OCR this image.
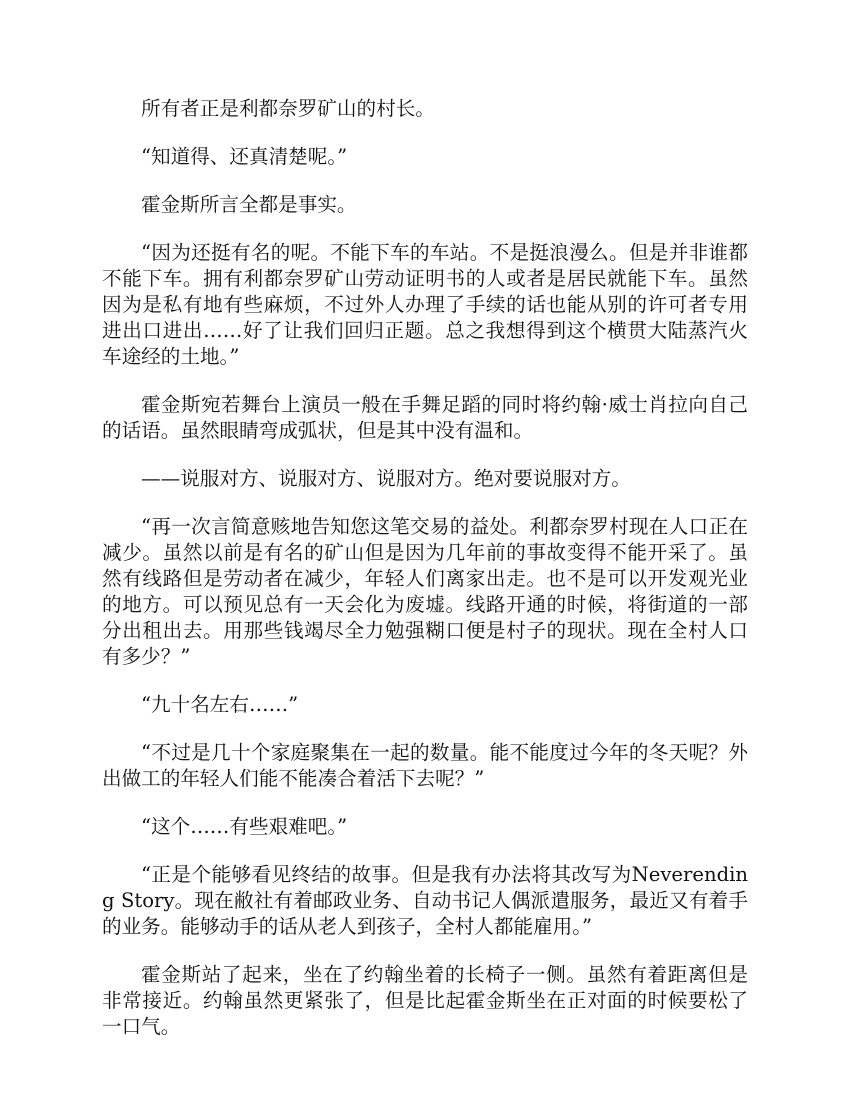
所有者正是利都奈罗矿山的村长。

“知道得、还真清楚呢。”

霍金斯所言全都是事实。

“因为还挺有名的呢。不能下车的车站。不是挺浪漫么。但是并非谁都不能下车。拥有利都奈罗矿山劳动证明书的人或者是居民就能下车。虽然因为是私有地有些麻烦，不过外人办理了手续的话也能从别的许可者专用进出口进出……好了让我们回归正题。总之我想得到这个横贯大陆蒸汽火车途经的土地。”

霍金斯宛若舞台上演员一般在手舞足蹈的同时将约翰·威士肖拉向自己的话语。虽然眼睛弯成弧状，但是其中没有温和。

——说服对方、说服对方、说服对方。绝对要说服对方。

“再一次言简意赅地告知您这笔交易的益处。利都奈罗村现在人口正在减少。虽然以前是有名的矿山但是因为几年前的事故变得不能开采了。虽然有线路但是劳动者在减少，年轻人们离家出走。也不是可以开发观光业的地方。可以预见总有一天会化为废墟。线路开通的时候，将街道的一部分出租出去。用那些钱竭尽全力勉强糊口便是村子的现状。现在全村人口有多少？”

“九十名左右……”

“不过是几十个家庭聚集在一起的数量。能不能度过今年的冬天呢？外出做工的年轻人们能不能凑合着活下去呢？”

“这个……有些艰难吧。”

“正是个能够看见终结的故事。但是我有办法将其改写为Neverending Story。现在敝社有着邮政业务、自动书记人偶派遣服务，最近又有着手的业务。能够动手的话从老人到孩子，全村人都能雇用。”

霍金斯站了起来，坐在了约翰坐着的长椅子一侧。虽然有着距离但是非常接近。约翰虽然更紧张了，但是比起霍金斯坐在正对面的时候要松了一口气。
